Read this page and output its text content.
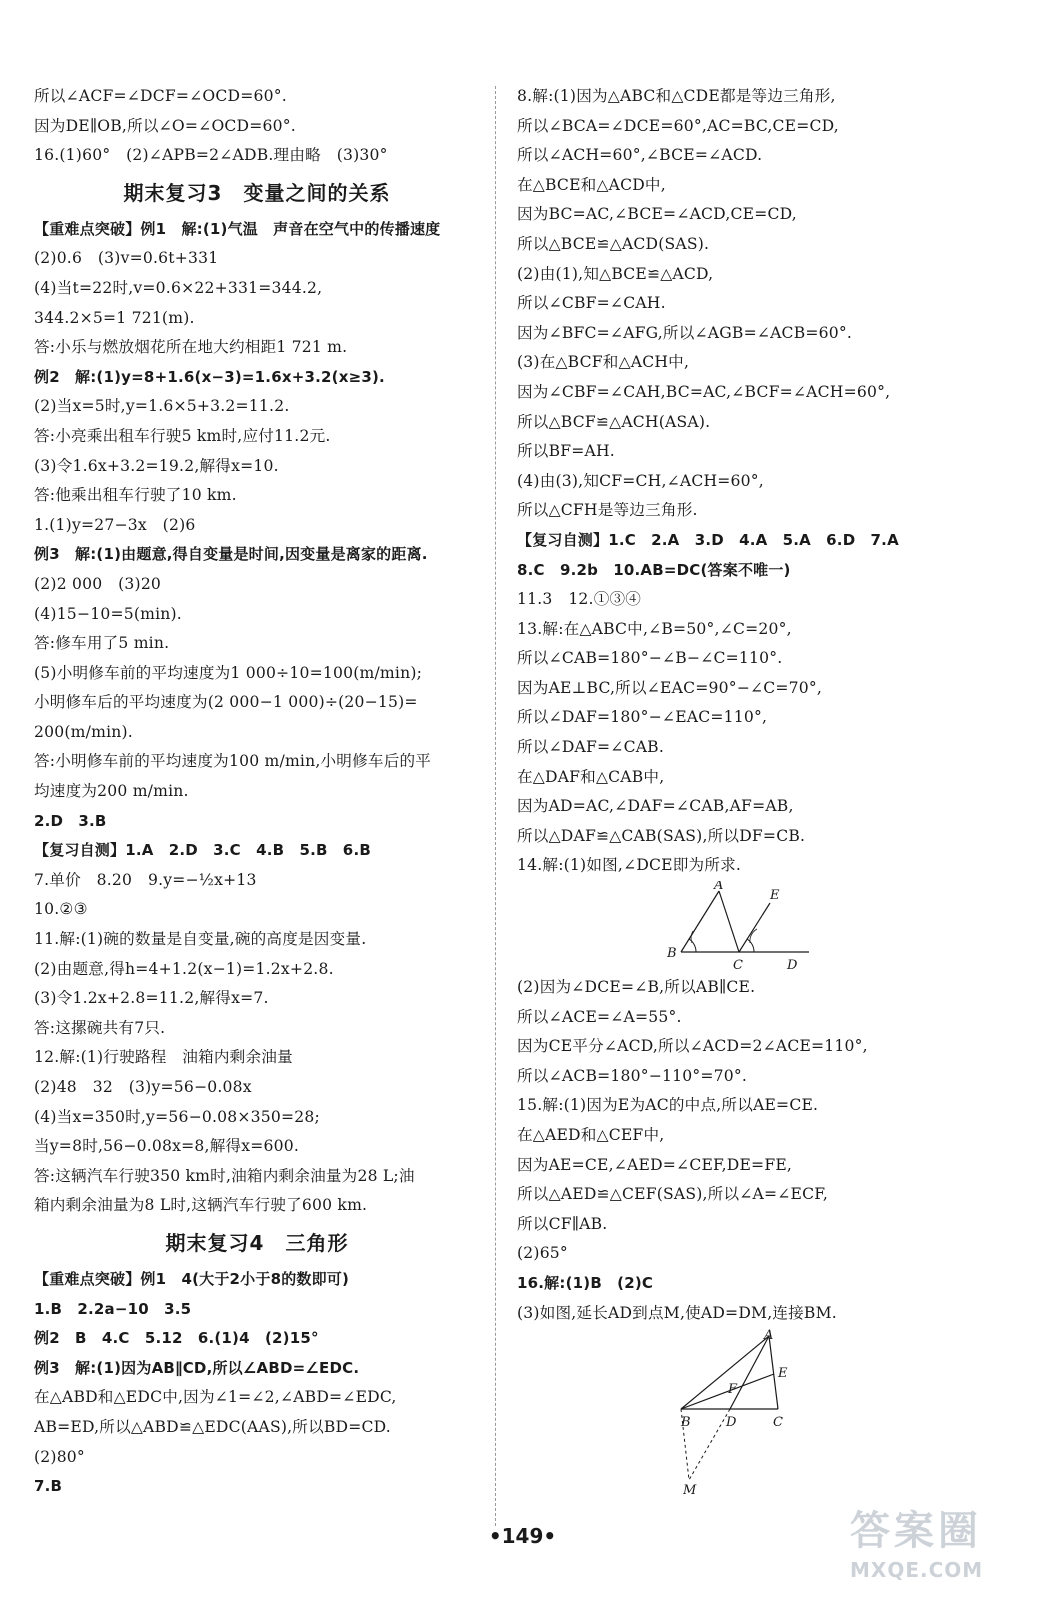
所以∠ACF=∠DCF=∠OCD=60°.
因为DE∥OB,所以∠O=∠OCD=60°.
16.(1)60°　(2)∠APB=2∠ADB.理由略　(3)30°
期末复习3　变量之间的关系
【重难点突破】例1　解:(1)气温　声音在空气中的传播速度
(2)0.6　(3)v=0.6t+331
(4)当t=22时,v=0.6×22+331=344.2,
344.2×5=1 721(m).
答:小乐与燃放烟花所在地大约相距1 721 m.
例2　解:(1)y=8+1.6(x−3)=1.6x+3.2(x≥3).
(2)当x=5时,y=1.6×5+3.2=11.2.
答:小亮乘出租车行驶5 km时,应付11.2元.
(3)令1.6x+3.2=19.2,解得x=10.
答:他乘出租车行驶了10 km.
1.(1)y=27−3x　(2)6
例3　解:(1)由题意,得自变量是时间,因变量是离家的距离.
(2)2 000　(3)20
(4)15−10=5(min).
答:修车用了5 min.
(5)小明修车前的平均速度为1 000÷10=100(m/min);
小明修车后的平均速度为(2 000−1 000)÷(20−15)=
200(m/min).
答:小明修车前的平均速度为100 m/min,小明修车后的平
均速度为200 m/min.
2.D　3.B
【复习自测】1.A　2.D　3.C　4.B　5.B　6.B
7.单价　8.20　9.y=−½x+13
10.②③
11.解:(1)碗的数量是自变量,碗的高度是因变量.
(2)由题意,得h=4+1.2(x−1)=1.2x+2.8.
(3)令1.2x+2.8=11.2,解得x=7.
答:这摞碗共有7只.
12.解:(1)行驶路程　油箱内剩余油量
(2)48　32　(3)y=56−0.08x
(4)当x=350时,y=56−0.08×350=28;
当y=8时,56−0.08x=8,解得x=600.
答:这辆汽车行驶350 km时,油箱内剩余油量为28 L;油
箱内剩余油量为8 L时,这辆汽车行驶了600 km.
期末复习4　三角形
【重难点突破】例1　4(大于2小于8的数即可)
1.B　2.2a−10　3.5
例2　B　4.C　5.12　6.(1)4　(2)15°
例3　解:(1)因为AB∥CD,所以∠ABD=∠EDC.
在△ABD和△EDC中,因为∠1=∠2,∠ABD=∠EDC,
AB=ED,所以△ABD≌△EDC(AAS),所以BD=CD.
(2)80°
7.B
8.解:(1)因为△ABC和△CDE都是等边三角形,
所以∠BCA=∠DCE=60°,AC=BC,CE=CD,
所以∠ACH=60°,∠BCE=∠ACD.
在△BCE和△ACD中,
因为BC=AC,∠BCE=∠ACD,CE=CD,
所以△BCE≌△ACD(SAS).
(2)由(1),知△BCE≌△ACD,
所以∠CBF=∠CAH.
因为∠BFC=∠AFG,所以∠AGB=∠ACB=60°.
(3)在△BCF和△ACH中,
因为∠CBF=∠CAH,BC=AC,∠BCF=∠ACH=60°,
所以△BCF≌△ACH(ASA).
所以BF=AH.
(4)由(3),知CF=CH,∠ACH=60°,
所以△CFH是等边三角形.
【复习自测】1.C　2.A　3.D　4.A　5.A　6.D　7.A
8.C　9.2b　10.AB=DC(答案不唯一)
11.3　12.①③④
13.解:在△ABC中,∠B=50°,∠C=20°,
所以∠CAB=180°−∠B−∠C=110°.
因为AE⊥BC,所以∠EAC=90°−∠C=70°,
所以∠DAF=180°−∠EAC=110°,
所以∠DAF=∠CAB.
在△DAF和△CAB中,
因为AD=AC,∠DAF=∠CAB,AF=AB,
所以△DAF≌△CAB(SAS),所以DF=CB.
14.解:(1)如图,∠DCE即为所求.
A
B
C	D
E
(2)因为∠DCE=∠B,所以AB∥CE.
所以∠ACE=∠A=55°.
因为CE平分∠ACD,所以∠ACD=2∠ACE=110°,
所以∠ACB=180°−110°=70°.
15.解:(1)因为E为AC的中点,所以AE=CE.
在△AED和△CEF中,
因为AE=CE,∠AED=∠CEF,DE=FE,
所以△AED≌△CEF(SAS),所以∠A=∠ECF,
所以CF∥AB.
(2)65°
16.解:(1)B　(2)C
(3)如图,延长AD到点M,使AD=DM,连接BM.
A
B	C
D
E
F
M
•149•	答案圈
MXQE.COM
